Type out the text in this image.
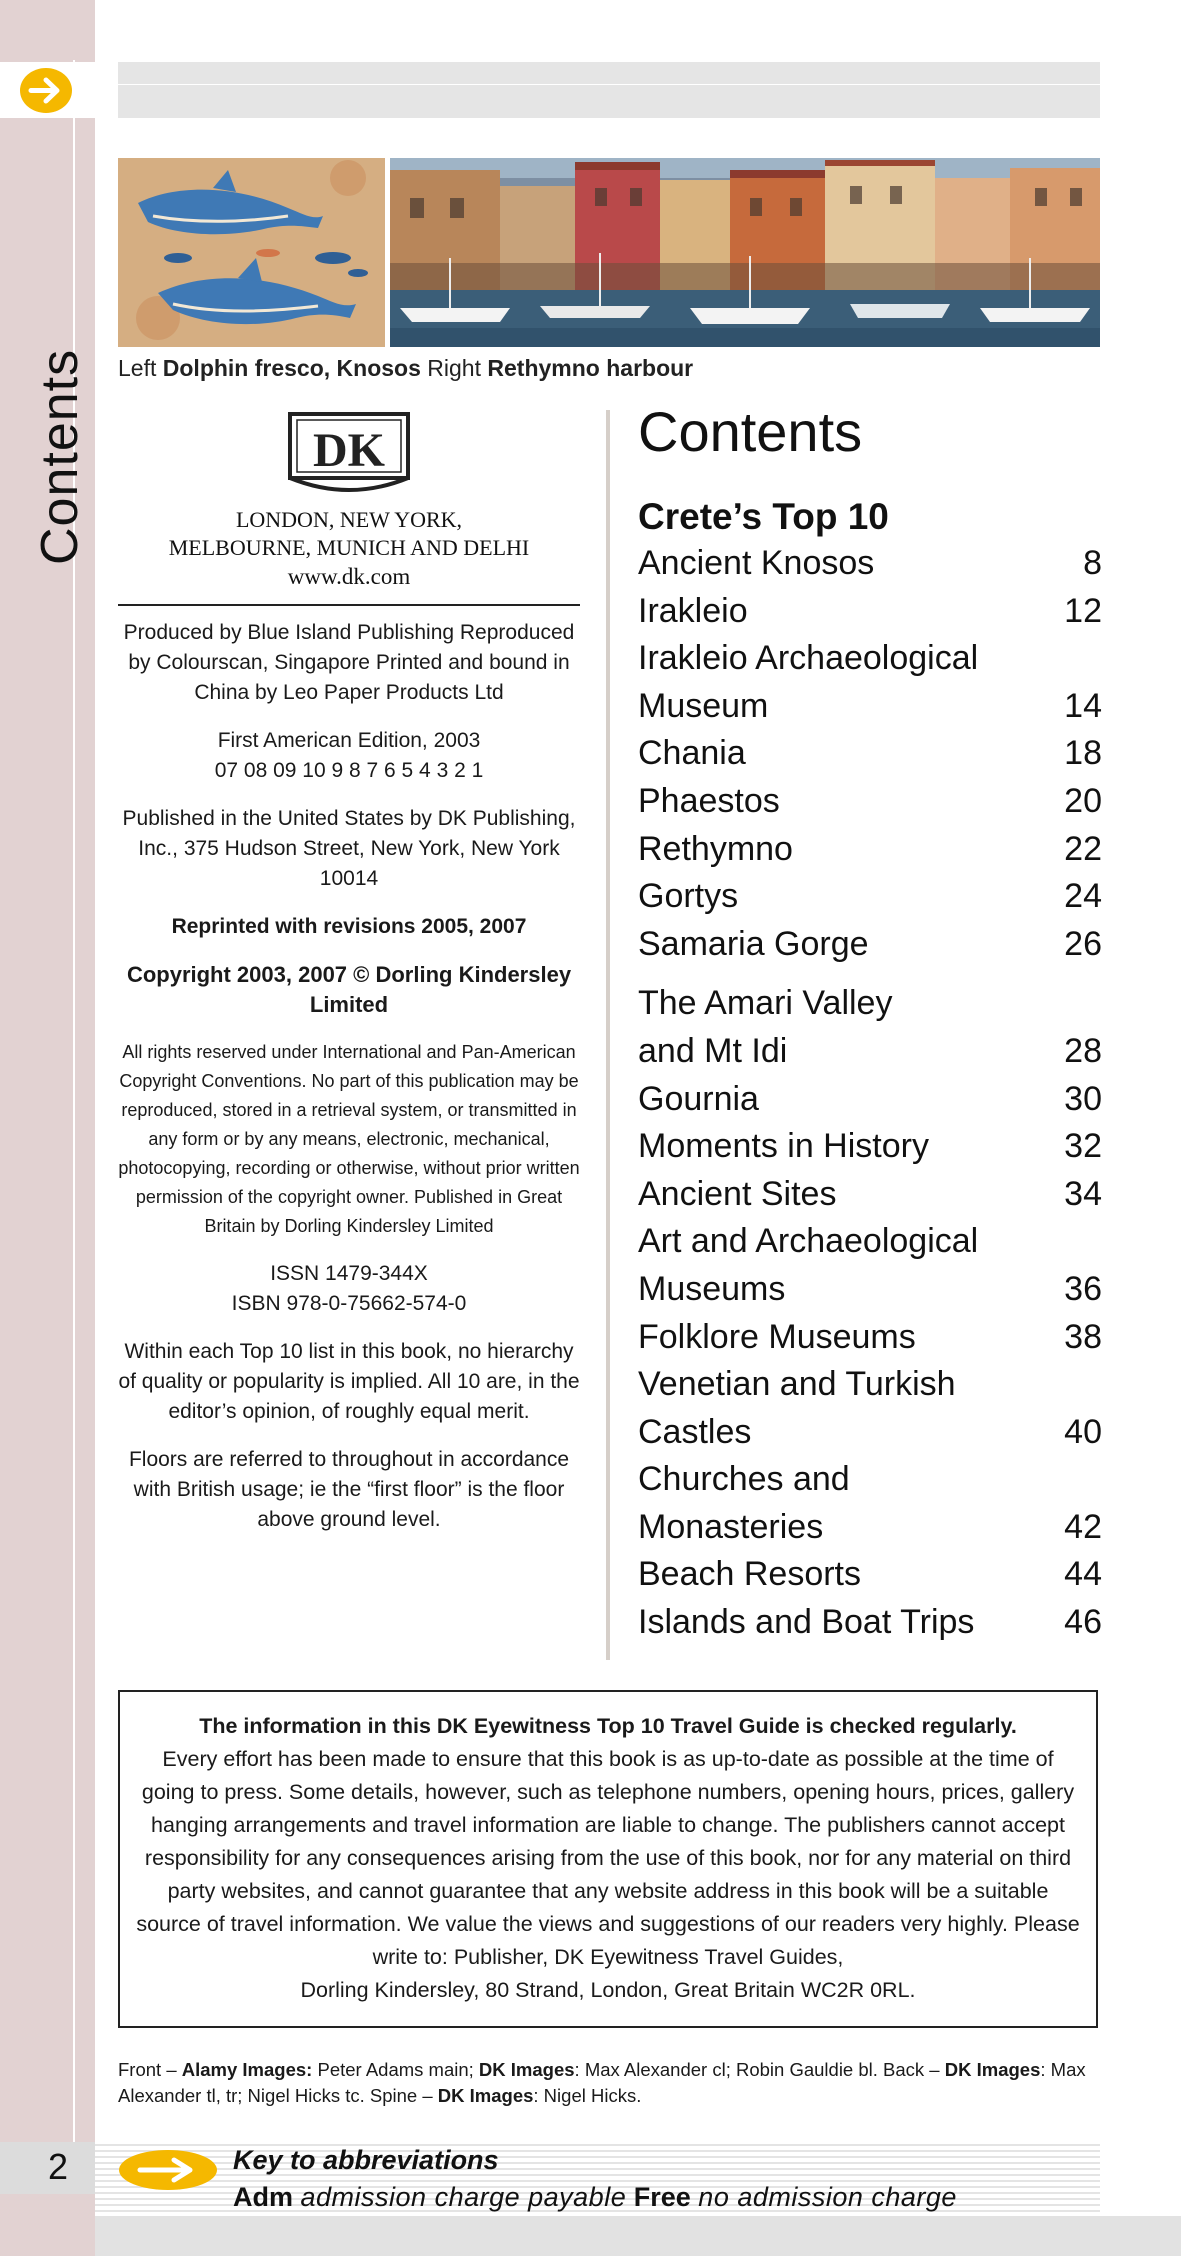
Contents
2
Left Dolphin fresco, Knosos Right Rethymno harbour
DK
LONDON, NEW YORK,
MELBOURNE, MUNICH AND DELHI
www.dk.com
Produced by Blue Island Publishing Reproduced by Colourscan, Singapore Printed and bound in China by Leo Paper Products Ltd
First American Edition, 2003
07 08 09 10 9 8 7 6 5 4 3 2 1
Published in the United States by DK Publishing, Inc., 375 Hudson Street, New York, New York 10014
Reprinted with revisions 2005, 2007
Copyright 2003, 2007 © Dorling Kindersley Limited
All rights reserved under International and Pan-American Copyright Conventions. No part of this publication may be reproduced, stored in a retrieval system, or transmitted in any form or by any means, electronic, mechanical, photocopying, recording or otherwise, without prior written permission of the copyright owner. Published in Great Britain by Dorling Kindersley Limited
ISSN 1479-344X
ISBN 978-0-75662-574-0
Within each Top 10 list in this book, no hierarchy of quality or popularity is implied. All 10 are, in the editor’s opinion, of roughly equal merit.
Floors are referred to throughout in accordance with British usage; ie the “first floor” is the floor above ground level.
Contents
Crete’s Top 10
Ancient Knosos	8
Irakleio	12
Irakleio Archaeological
Museum	14
Chania	18
Phaestos	20
Rethymno	22
Gortys	24
Samaria Gorge	26
The Amari Valley
and Mt Idi	28
Gournia	30
Moments in History	32
Ancient Sites	34
Art and Archaeological
Museums	36
Folklore Museums	38
Venetian and Turkish
Castles	40
Churches and
Monasteries	42
Beach Resorts	44
Islands and Boat Trips	46
The information in this DK Eyewitness Top 10 Travel Guide is checked regularly.
Every effort has been made to ensure that this book is as up-to-date as possible at the time of going to press. Some details, however, such as telephone numbers, opening hours, prices, gallery hanging arrangements and travel information are liable to change. The publishers cannot accept responsibility for any consequences arising from the use of this book, nor for any material on third party websites, and cannot guarantee that any website address in this book will be a suitable source of travel information. We value the views and suggestions of our readers very highly. Please write to: Publisher, DK Eyewitness Travel Guides,
Dorling Kindersley, 80 Strand, London, Great Britain WC2R 0RL.
Front – Alamy Images: Peter Adams main; DK Images: Max Alexander cl; Robin Gauldie bl. Back – DK Images: Max Alexander tl, tr; Nigel Hicks tc. Spine – DK Images: Nigel Hicks.
Key to abbreviations
Adm admission charge payable Free no admission charge
